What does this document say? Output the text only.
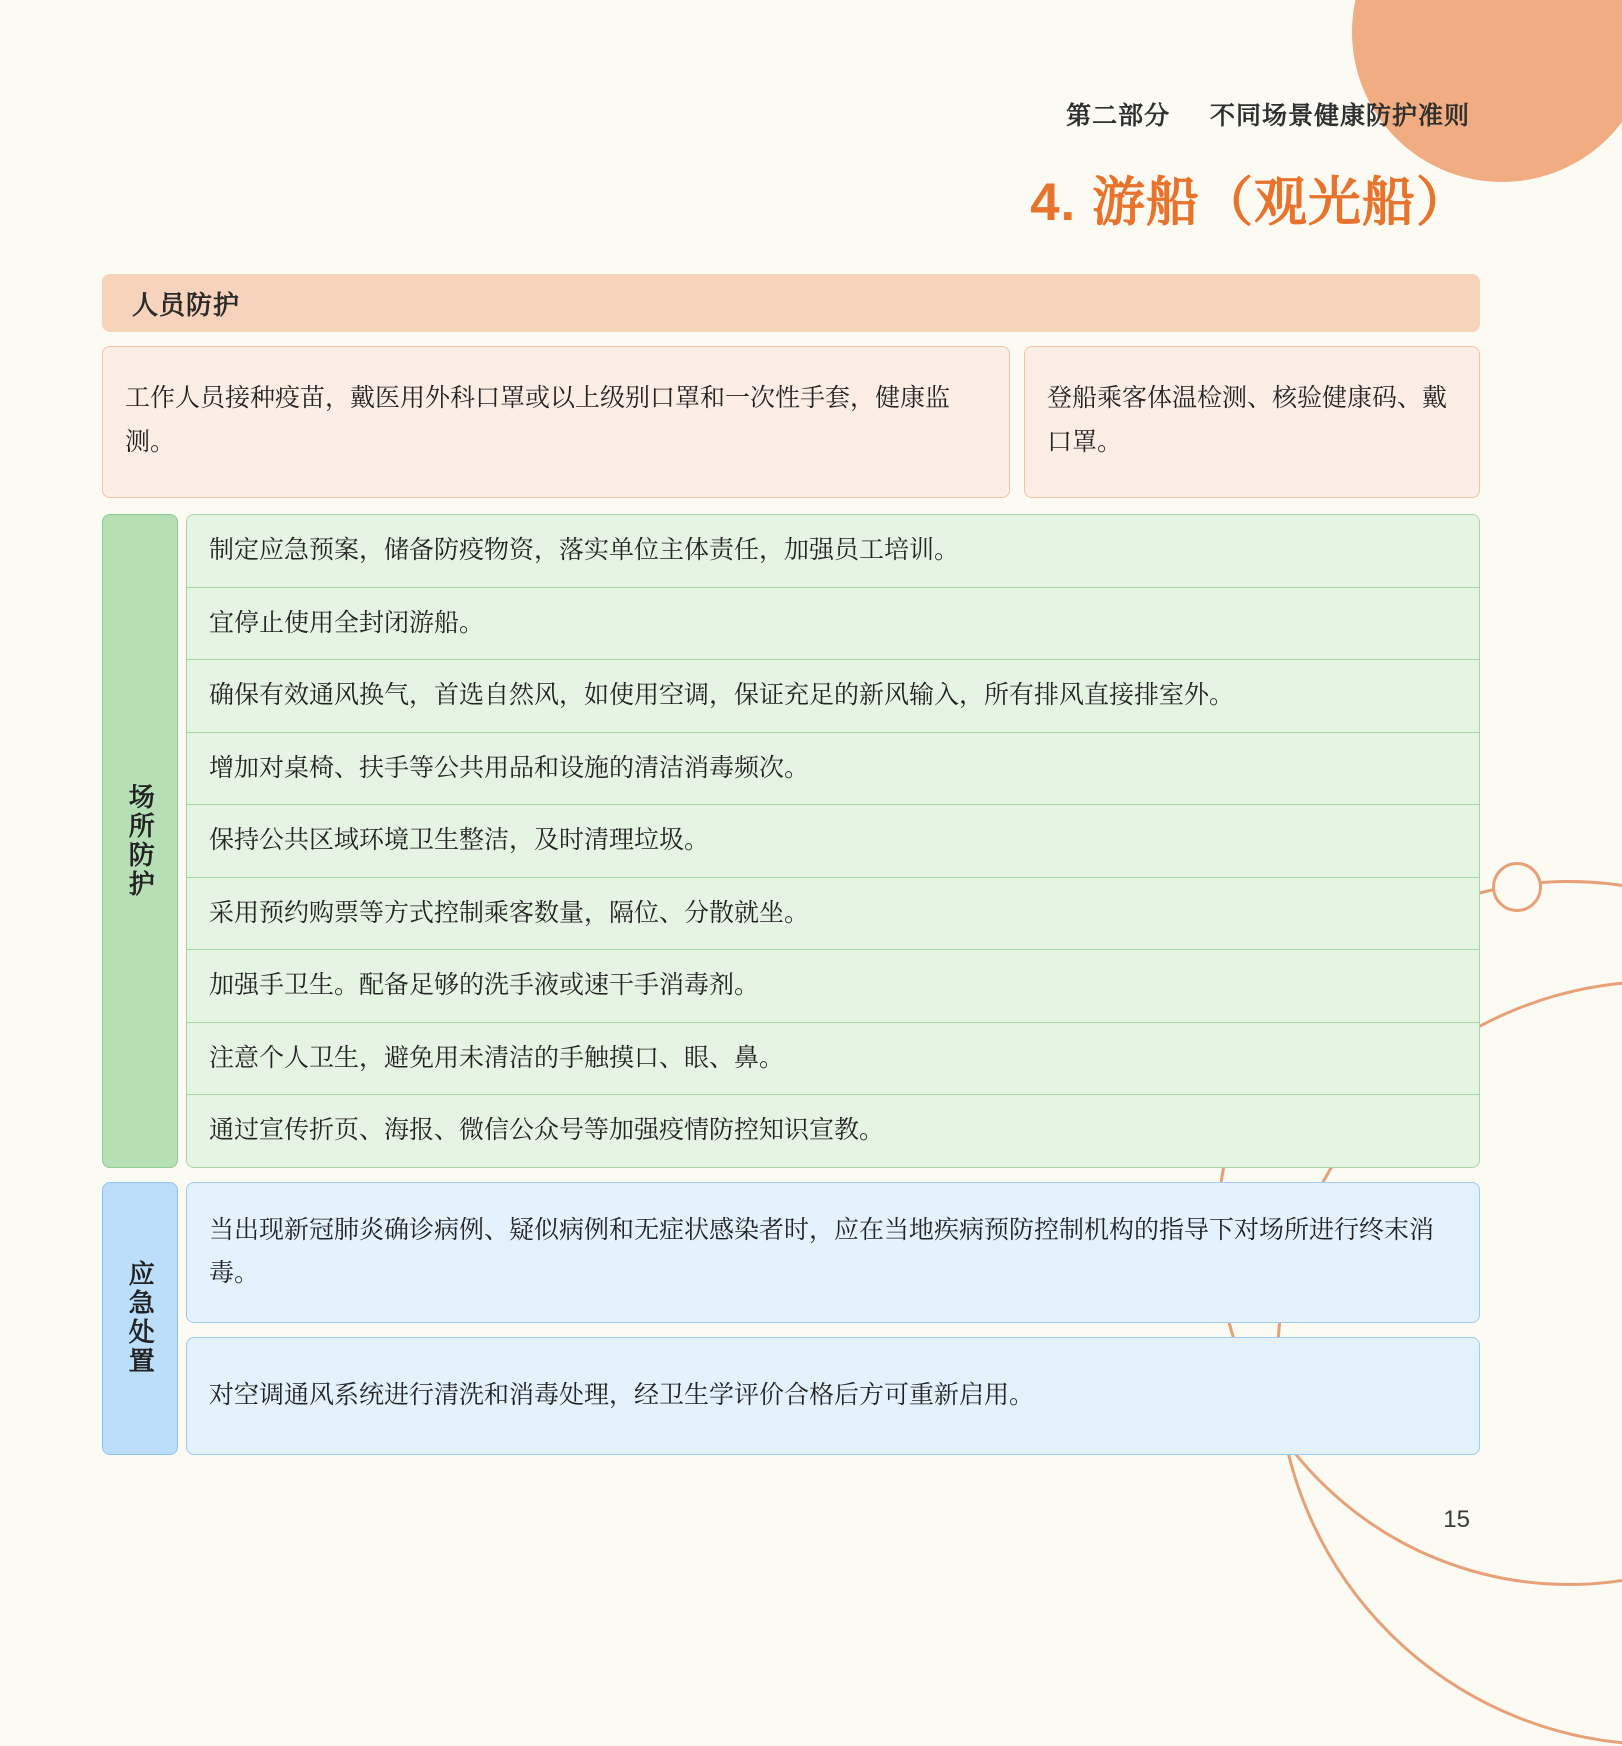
第二部分 不同场景健康防护准则
4. 游船（观光船）
人员防护
工作人员接种疫苗，戴医用外科口罩或以上级别口罩和一次性手套，健康监测。
登船乘客体温检测、核验健康码、戴口罩。
场所防护
制定应急预案，储备防疫物资，落实单位主体责任，加强员工培训。
宜停止使用全封闭游船。
确保有效通风换气，首选自然风，如使用空调，保证充足的新风输入，所有排风直接排室外。
增加对桌椅、扶手等公共用品和设施的清洁消毒频次。
保持公共区域环境卫生整洁，及时清理垃圾。
采用预约购票等方式控制乘客数量，隔位、分散就坐。
加强手卫生。配备足够的洗手液或速干手消毒剂。
注意个人卫生，避免用未清洁的手触摸口、眼、鼻。
通过宣传折页、海报、微信公众号等加强疫情防控知识宣教。
应急处置
当出现新冠肺炎确诊病例、疑似病例和无症状感染者时，应在当地疾病预防控制机构的指导下对场所进行终末消毒。
对空调通风系统进行清洗和消毒处理，经卫生学评价合格后方可重新启用。
15
